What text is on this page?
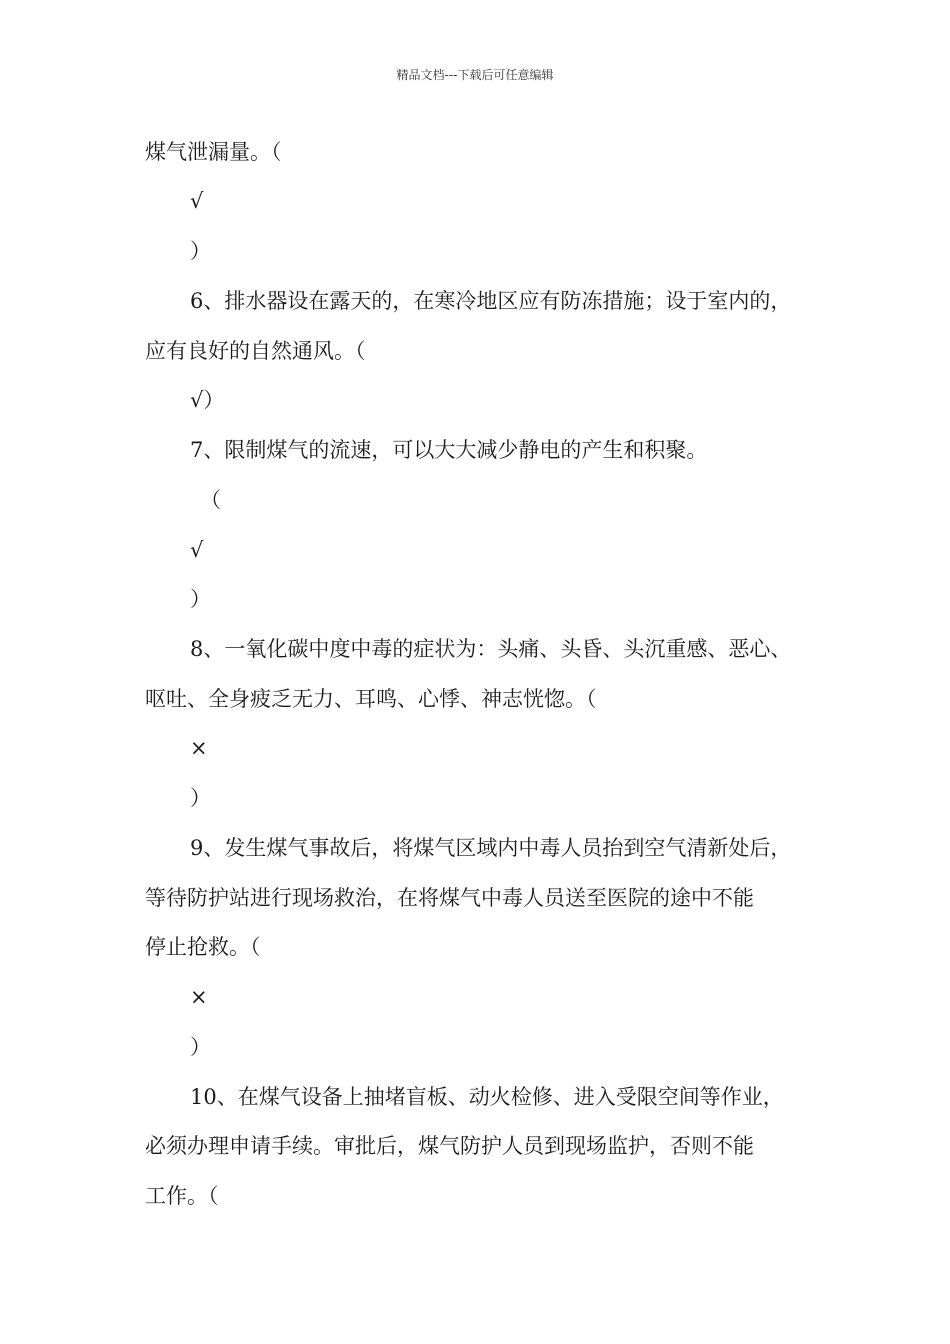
精品文档---下载后可任意编辑
煤气泄漏量。（
√
）
6、排水器设在露天的，在寒冷地区应有防冻措施；设于室内的，
应有良好的自然通风。（
√）
7、限制煤气的流速，可以大大减少静电的产生和积聚。
（
√
）
8、一氧化碳中度中毒的症状为：头痛、头昏、头沉重感、恶心、
呕吐、全身疲乏无力、耳鸣、心悸、神志恍惚。（
×
）
9、发生煤气事故后，将煤气区域内中毒人员抬到空气清新处后，
等待防护站进行现场救治，在将煤气中毒人员送至医院的途中不能
停止抢救。（
×
）
10、在煤气设备上抽堵盲板、动火检修、进入受限空间等作业，
必须办理申请手续。审批后，煤气防护人员到现场监护，否则不能
工作。（
